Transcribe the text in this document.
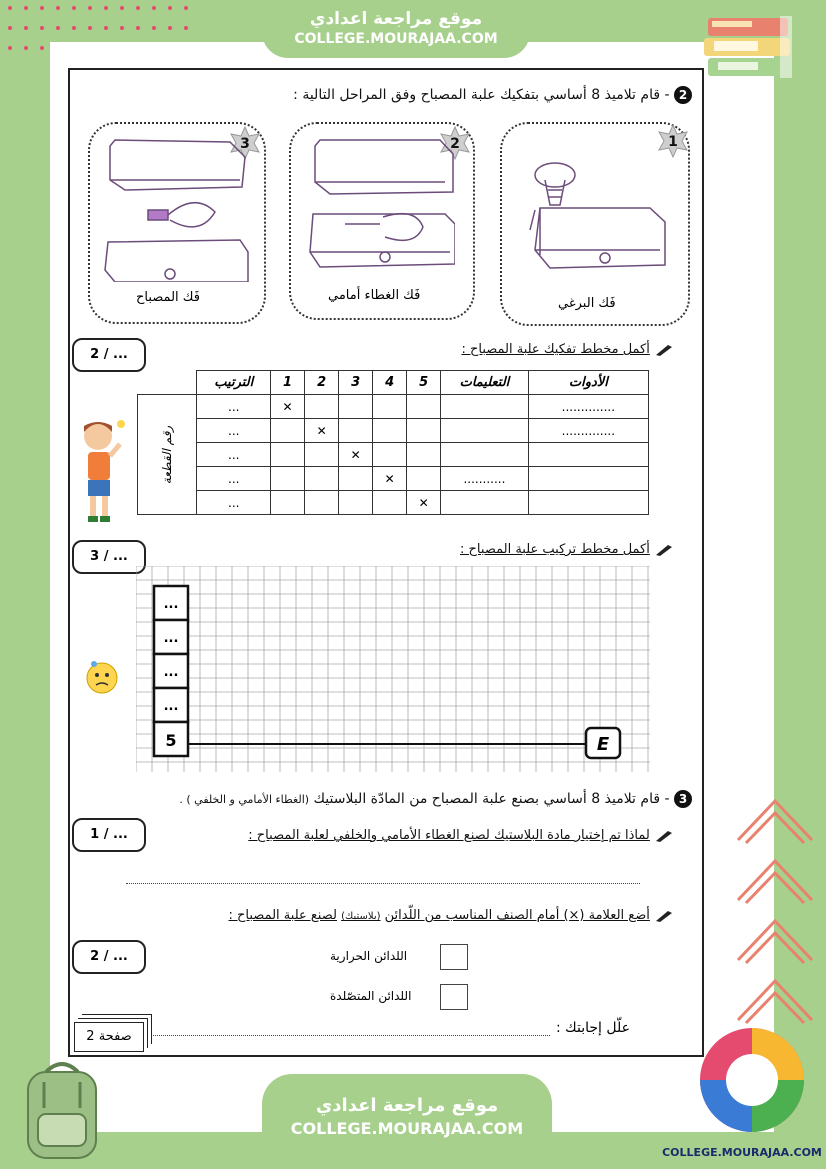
موقع مراجعة اعدادي
COLLEGE.MOURAJAA.COM
2 - قام تلاميذ 8 أساسي بتفكيك علبة المصباح وفق المراحل التالية :
1
2
3
فَك البرغي
فَك الغطاء أمامي
فَك المصباح
2 / ...	أكمل مخطط تفكيك علبة المصباح :
	الترتيب	1	2	3	4	5	التعليمات	الأدوات

رقم القطعة	...	✕						..............
	...		✕					..............
	...			✕				
	...				✕		...........	
	...					✕		
3 / ...	أكمل مخطط تركيب علبة المصباح :
...
...
...
...
5	E
3 - قام تلاميذ 8 أساسي بصنع علبة المصباح من المادّة البلاستيك (الغطاء الأمامي و الخلفي ) .
1 / ...	لماذا تم إختيار مادة البلاستيك لصنع الغطاء الأمامي والخلفي لعلبة المصباح :
أضع العلامة (×) أمام الصنف المناسب من اللّدائن (بلاستيك) لصنع علبة المصباح :
2 / ...	اللدائن الحرارية
اللدائن المتصّلدة
علّل إجابتك :
صفحة 2
موقع مراجعة اعدادي
COLLEGE.MOURAJAA.COM
COLLEGE.MOURAJAA.COM
